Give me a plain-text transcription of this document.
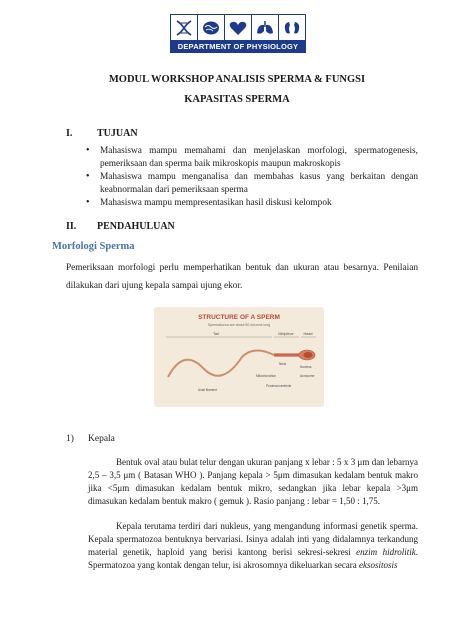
DEPARTMENT OF PHYSIOLOGY
MODUL WORKSHOP ANALISIS SPERMA & FUNGSI
KAPASITAS SPERMA
I. TUJUAN
• Mahasiswa mampu memahami dan menjelaskan morfologi, spermatogenesis, pemeriksaan dan sperma baik mikroskopis maupun makroskopis
• Mahasiswa mampu menganalisa dan membahas kasus yang berkaitan dengan keabnormalan dari pemeriksaan sperma
• Mahasiswa mampu mempresentasikan hasil diskusi kelompok
II. PENDAHULUAN
Morfologi Sperma
Pemeriksaan morfologi perlu memperhatikan bentuk dan ukuran atau besarnya. Penilaian dilakukan dari ujung kepala sampai ujung ekor.
STRUCTURE OF A SPERM
Spermatozoa are about 50 microns long
Tail	Midpiece	Head
Neck
Nucleus
Axial filament
Mitochondrion	Acrosome
Proximal centriole
1) Kepala
Bentuk oval atau bulat telur dengan ukuran panjang x lebar : 5 x 3 μm dan lebarnya 2,5 – 3,5 μm ( Batasan WHO ). Panjang kepala > 5μm dimasukan kedalam bentuk makro jika <5μm dimasukan kedalam bentuk mikro, sedangkan jika lebar kepala >3μm dimasukan kedalam bentuk makro ( gemuk ). Rasio panjang : lebar = 1,50 : 1,75.
Kepala terutama terdiri dari nukleus, yang mengandung informasi genetik sperma. Kepala spermatozoa bentuknya bervariasi. Isinya adalah inti yang didalamnya terkandung material genetik, haploid yang berisi kantong berisi sekresi-sekresi enzim hidrolitik. Spermatozoa yang kontak dengan telur, isi akrosomnya dikeluarkan secara eksositosis
